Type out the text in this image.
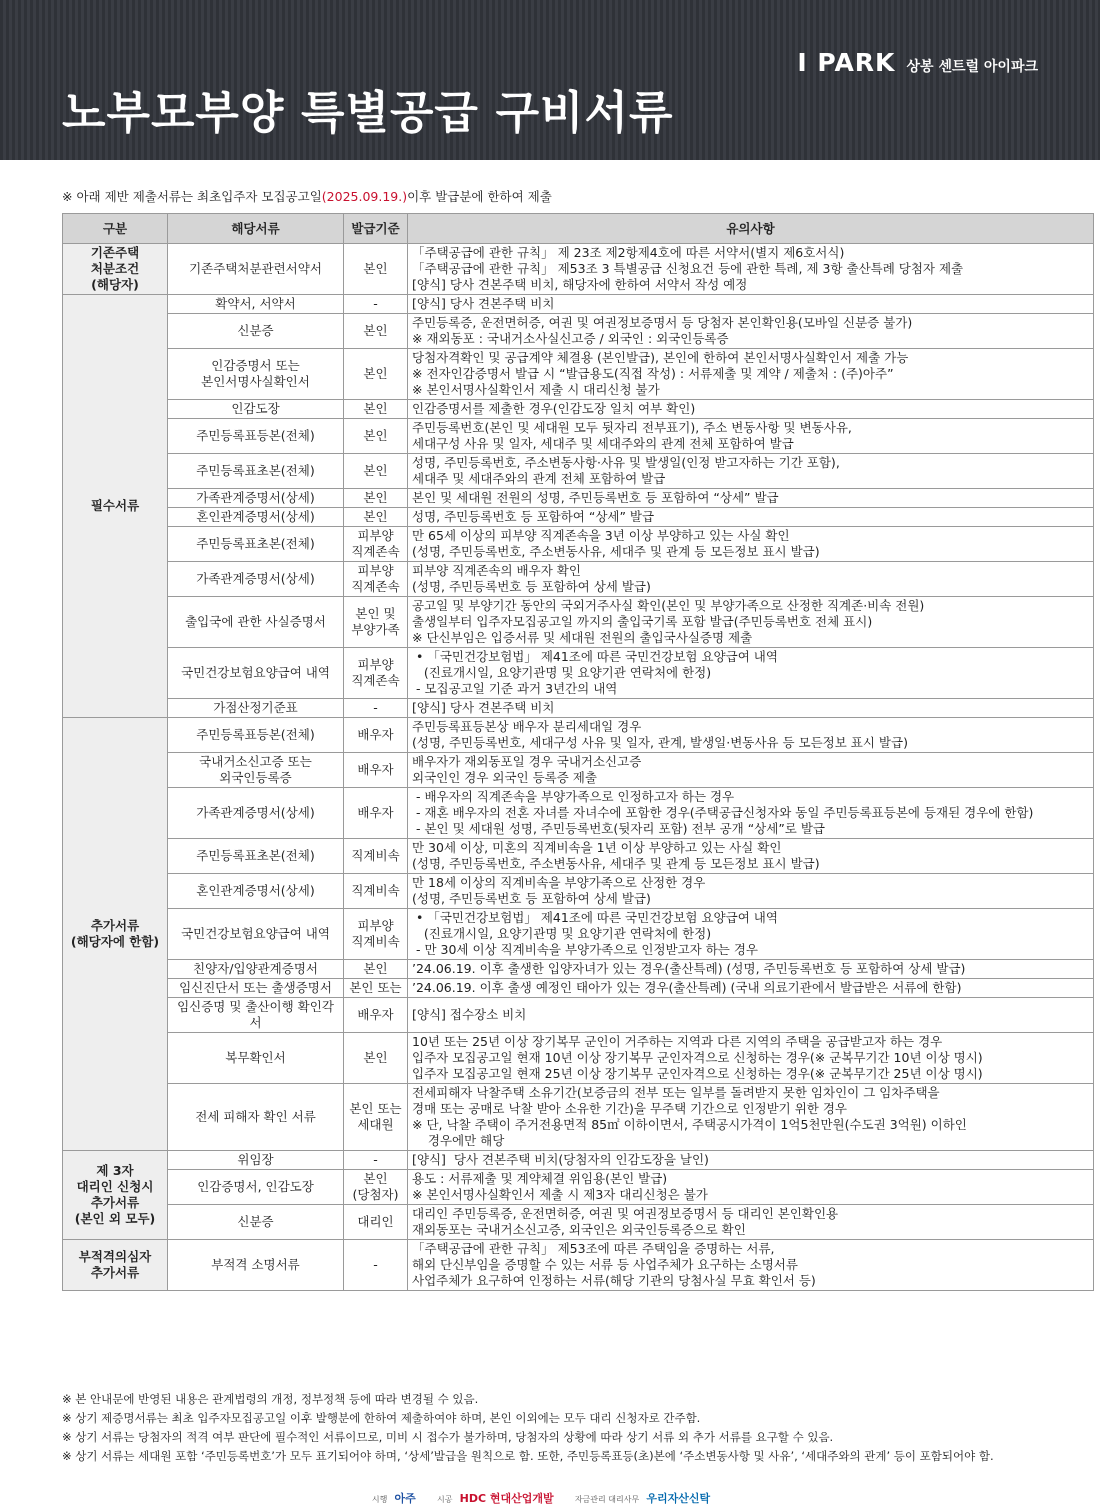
I PARK 상봉 센트럴 아이파크
노부모부양 특별공급 구비서류
※ 아래 제반 제출서류는 최초입주자 모집공고일(2025.09.19.)이후 발급분에 한하여 제출
구분	해당서류	발급기준	유의사항
기존주택
처분조건
(해당자)	기존주택처분관련서약서	본인	「주택공급에 관한 규칙」 제 23조 제2항제4호에 따른 서약서(별지 제6호서식)
「주택공급에 관한 규칙」 제53조 3 특별공급 신청요건 등에 관한 특례, 제 3항 출산특례 당첨자 제출
[양식] 당사 견본주택 비치, 해당자에 한하여 서약서 작성 예정
필수서류	확약서, 서약서	-	[양식] 당사 견본주택 비치
	신분증	본인	주민등록증, 운전면허증, 여권 및 여권정보증명서 등 당첨자 본인확인용(모바일 신분증 불가)
※ 재외동포 : 국내거소사실신고증 / 외국인 : 외국인등록증
	인감증명서 또는
본인서명사실확인서	본인	당첨자격확인 및 공급계약 체결용 (본인발급), 본인에 한하여 본인서명사실확인서 제출 가능
※ 전자인감증명서 발급 시 “발급용도(직접 작성) : 서류제출 및 계약 / 제출처 : (주)아주”
※ 본인서명사실확인서 제출 시 대리신청 불가
	인감도장	본인	인감증명서를 제출한 경우(인감도장 일치 여부 확인)
	주민등록표등본(전체)	본인	주민등록번호(본인 및 세대원 모두 뒷자리 전부표기), 주소 변동사항 및 변동사유,
세대구성 사유 및 일자, 세대주 및 세대주와의 관계 전체 포함하여 발급
	주민등록표초본(전체)	본인	성명, 주민등록번호, 주소변동사항·사유 및 발생일(인정 받고자하는 기간 포함),
세대주 및 세대주와의 관계 전체 포함하여 발급
	가족관계증명서(상세)	본인	본인 및 세대원 전원의 성명, 주민등록번호 등 포함하여 “상세” 발급
	혼인관계증명서(상세)	본인	성명, 주민등록번호 등 포함하여 “상세” 발급
	주민등록표초본(전체)	피부양
직계존속	만 65세 이상의 피부양 직계존속을 3년 이상 부양하고 있는 사실 확인
(성명, 주민등록번호, 주소변동사유, 세대주 및 관계 등 모든정보 표시 발급)
	가족관계증명서(상세)	피부양
직계존속	피부양 직계존속의 배우자 확인
(성명, 주민등록번호 등 포함하여 상세 발급)
	출입국에 관한 사실증명서	본인 및
부양가족	공고일 및 부양기간 동안의 국외거주사실 확인(본인 및 부양가족으로 산정한 직계존·비속 전원)
출생일부터 입주자모집공고일 까지의 출입국기록 포함 발급(주민등록번호 전체 표시)
※ 단신부임은 입증서류 및 세대원 전원의 출입국사실증명 제출
	국민건강보험요양급여 내역	피부양
직계존속	• 「국민건강보험법」 제41조에 따른 국민건강보험 요양급여 내역
(진료개시일, 요양기관명 및 요양기관 연락처에 한정)
- 모집공고일 기준 과거 3년간의 내역
	가점산정기준표	-	[양식] 당사 견본주택 비치
추가서류
(해당자에 한함)	주민등록표등본(전체)	배우자	주민등록표등본상 배우자 분리세대일 경우
(성명, 주민등록번호, 세대구성 사유 및 일자, 관계, 발생일·변동사유 등 모든정보 표시 발급)
	국내거소신고증 또는
외국인등록증	배우자	배우자가 재외동포일 경우 국내거소신고증
외국인인 경우 외국인 등록증 제출
	가족관계증명서(상세)	배우자	- 배우자의 직계존속을 부양가족으로 인정하고자 하는 경우
- 재혼 배우자의 전혼 자녀를 자녀수에 포함한 경우(주택공급신청자와 동일 주민등록표등본에 등재된 경우에 한함)
- 본인 및 세대원 성명, 주민등록번호(뒷자리 포함) 전부 공개 “상세”로 발급
	주민등록표초본(전체)	직계비속	만 30세 이상, 미혼의 직계비속을 1년 이상 부양하고 있는 사실 확인
(성명, 주민등록번호, 주소변동사유, 세대주 및 관계 등 모든정보 표시 발급)
	혼인관계증명서(상세)	직계비속	만 18세 이상의 직계비속을 부양가족으로 산정한 경우
(성명, 주민등록번호 등 포함하여 상세 발급)
	국민건강보험요양급여 내역	피부양
직계비속	• 「국민건강보험법」 제41조에 따른 국민건강보험 요양급여 내역
(진료개시일, 요양기관명 및 요양기관 연락처에 한정)
- 만 30세 이상 직계비속을 부양가족으로 인정받고자 하는 경우
	친양자/입양관계증명서	본인	’24.06.19. 이후 출생한 입양자녀가 있는 경우(출산특례) (성명, 주민등록번호 등 포함하여 상세 발급)
	임신진단서 또는 출생증명서	본인 또는	’24.06.19. 이후 출생 예정인 태아가 있는 경우(출산특례) (국내 의료기관에서 발급받은 서류에 한함)
	임신증명 및 출산이행 확인각서	배우자	[양식] 접수장소 비치
	복무확인서	본인	10년 또는 25년 이상 장기복무 군인이 거주하는 지역과 다른 지역의 주택을 공급받고자 하는 경우
입주자 모집공고일 현재 10년 이상 장기복무 군인자격으로 신청하는 경우(※ 군복무기간 10년 이상 명시)
입주자 모집공고일 현재 25년 이상 장기복무 군인자격으로 신청하는 경우(※ 군복무기간 25년 이상 명시)
	전세 피해자 확인 서류	본인 또는
세대원	전세피해자 낙찰주택 소유기간(보증금의 전부 또는 일부를 돌려받지 못한 임차인이 그 임차주택을
경매 또는 공매로 낙찰 받아 소유한 기간)을 무주택 기간으로 인정받기 위한 경우
※ 단, 낙찰 주택이 주거전용면적 85㎡ 이하이면서, 주택공시가격이 1억5천만원(수도권 3억원) 이하인
경우에만 해당
제 3자
대리인 신청시
추가서류
(본인 외 모두)	위임장	-	[양식]  당사 견본주택 비치(당첨자의 인감도장을 날인)
	인감증명서, 인감도장	본인
(당첨자)	용도 : 서류제출 및 계약체결 위임용(본인 발급)
※ 본인서명사실확인서 제출 시 제3자 대리신청은 불가
	신분증	대리인	대리인 주민등록증, 운전면허증, 여권 및 여권정보증명서 등 대리인 본인확인용
재외동포는 국내거소신고증, 외국인은 외국인등록증으로 확인
부적격의심자
추가서류	부적격 소명서류	-	「주택공급에 관한 규칙」 제53조에 따른 주택임을 증명하는 서류,
해외 단신부임을 증명할 수 있는 서류 등 사업주체가 요구하는 소명서류
사업주체가 요구하여 인정하는 서류(해당 기관의 당첨사실 무효 확인서 등)
※ 본 안내문에 반영된 내용은 관계법령의 개정, 정부정책 등에 따라 변경될 수 있음.
※ 상기 제증명서류는 최초 입주자모집공고일 이후 발행분에 한하여 제출하여야 하며, 본인 이외에는 모두 대리 신청자로 간주함.
※ 상기 서류는 당첨자의 적격 여부 판단에 필수적인 서류이므로, 미비 시 접수가 불가하며, 당첨자의 상황에 따라 상기 서류 외 추가 서류를 요구할 수 있음.
※ 상기 서류는 세대원 포함 ‘주민등록번호’가 모두 표기되어야 하며, ‘상세’발급을 원칙으로 함. 또한, 주민등록표등(초)본에 ‘주소변동사항 및 사유’, ‘세대주와의 관계’ 등이 포함되어야 함.
시행 아주	시공 HDC 현대산업개발	자금관리 대리사무 우리자산신탁
